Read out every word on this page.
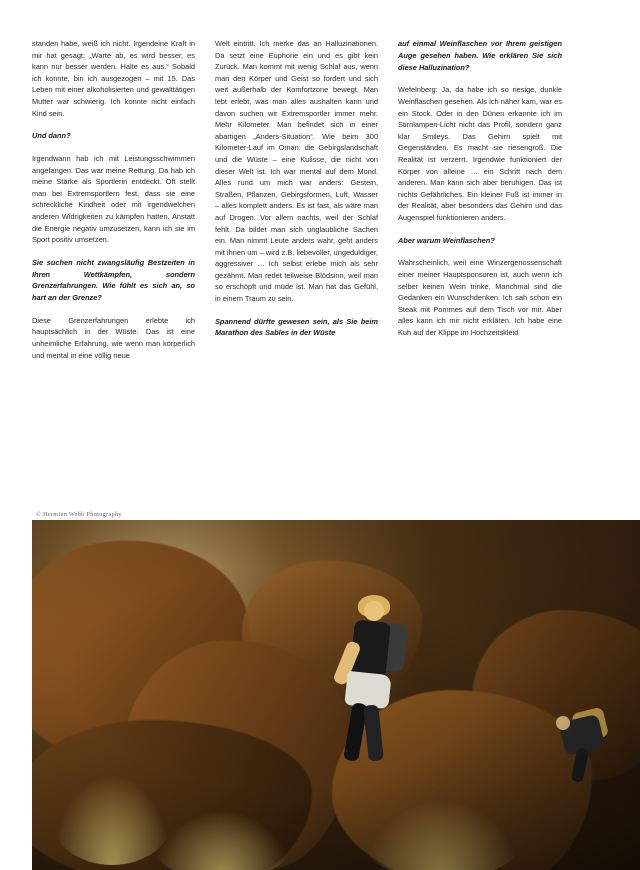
standen habe, weiß ich nicht. Irgendeine Kraft in mir hat gesagt: „Warte ab, es wird besser, es kann nur besser werden. Halte es aus.“ Sobald ich konnte, bin ich ausgezogen – mit 15. Das Leben mit einer alkoholisierten und gewalttätigen Mutter war schwierig. Ich konnte nicht einfach Kind sein.

Und dann?

Irgendwann hab ich mit Leistungsschwimmen angefangen. Das war meine Rettung. Da hab ich meine Stärke als Sportlerin entdeckt. Oft stellt man bei Extremsportlern fest, dass sie eine schreckliche Kindheit oder mit irgendwelchen anderen Widrigkeiten zu kämpfen hatten. Anstatt die Energie negativ umzusetzen, kann ich sie im Sport positiv umsetzen.

Sie suchen nicht zwangsläufig Bestzeiten in Ihren Wettkämpfen, sondern Grenzerfahrungen. Wie fühlt es sich an, so hart an der Grenze?

Diese Grenzerfahrungen erlebte ich hauptsächlich in der Wüste. Das ist eine unheimliche Erfahrung, wie wenn man körperlich und mental in eine völlig neue

Welt eintritt. Ich merke das an Halluzinationen. Da setzt eine Euphorie ein und es gibt kein Zurück. Man kommt mit wenig Schlaf aus, wenn man den Körper und Geist so fordert und sich weit außerhalb der Komfortzone bewegt. Man lebt erlebt, was man alles aushalten kann und davon suchen wir Extremsportler immer mehr. Mehr Kilometer. Man befindet sich in einer abartigen „Anders-Situation“. Wie beim 300 Kilometer-Lauf im Oman: die Gebirgslandschaft und die Wüste – eine Kulisse, die nicht von dieser Welt ist. Ich war mental auf dem Mond. Alles rund um mich war anders: Gestein, Straßen, Pflanzen, Gebirgsformen, Luft, Wasser – alles komplett anders. Es ist fast, als wäre man auf Drogen. Vor allem nachts, weil der Schlaf fehlt. Da bildet man sich unglaubliche Sachen ein. Man nimmt Leute anders wahr, geht anders mit ihnen um – wird z.B. liebevoller, ungeduldiger, aggressiver … Ich selbst erlebe mich als sehr gezähmt. Man redet teilweise Blödsinn, weil man so erschöpft und müde ist. Man hat das Gefühl, in einem Traum zu sein.

Spannend dürfte gewesen sein, als Sie beim Marathon des Sables in der Wüste

auf einmal Weinflaschen vor Ihrem geistigen Auge gesehen haben. Wie erklären Sie sich diese Halluzination?

Wefelnberg: Ja, da habe ich so riesige, dunkle Weinflaschen gesehen. Als ich näher kam, war es ein Stock. Oder in den Dünen erkannte ich im Stirnlampen-Licht nicht das Profil, sondern ganz klar Smileys. Das Gehirn spielt mit Gegenständen. Es macht sie riesengroß. Die Realität ist verzerrt. Irgendwie funktioniert der Körper von alleine … ein Schritt nach dem anderen. Man kann sich aber beruhigen. Das ist nichts Gefährliches. Ein kleiner Fuß ist immer in der Realität, aber besonders das Gehirn und das Augenspiel funktionieren anders.

Aber warum Weinflaschen?

Wahrscheinlich, weil eine Winzergenossenschaft einer meiner Hauptsponsoren ist, auch wenn ich selber keinen Wein trinke. Manchmal sind die Gedanken ein Wunschdenken. Ich sah schon ein Steak mit Pommes auf dem Tisch vor mir. Aber alles kann ich mir nicht erklären. Ich habe eine Kuh auf der Klippe im Hochzeitskleid

© Hermien Webb Photography
